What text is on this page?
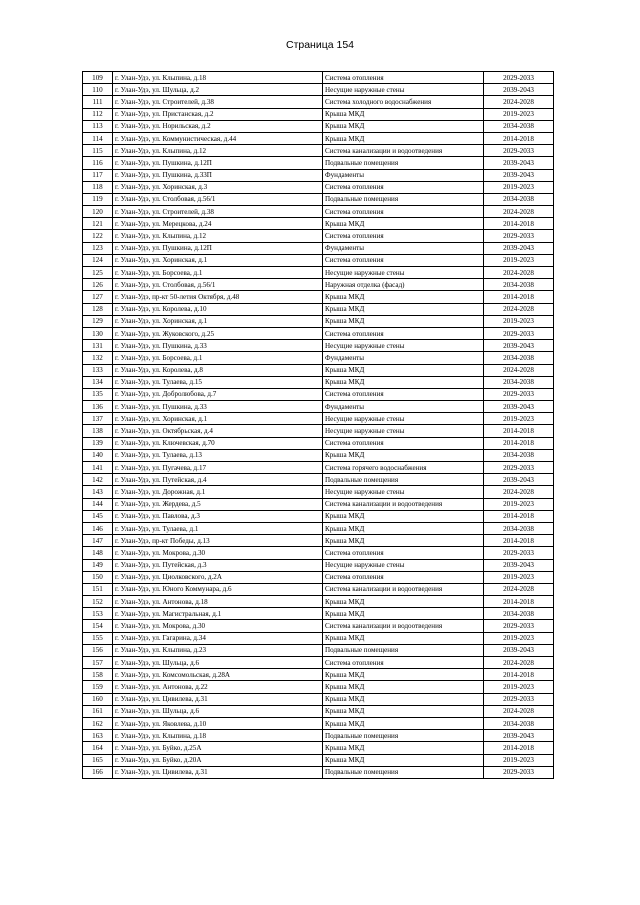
Страница 154
109	г. Улан-Удэ, ул. Клыпина, д.18	Система отопления	2029-2033
110	г. Улан-Удэ, ул. Шульца, д.2	Несущие наружные стены	2039-2043
111	г. Улан-Удэ, ул. Строителей, д.38	Система холодного водоснабжения	2024-2028
112	г. Улан-Удэ, ул. Пристанская, д.2	Крыша МКД	2019-2023
113	г. Улан-Удэ, ул. Норильская, д.2	Крыша МКД	2034-2038
114	г. Улан-Удэ, ул. Коммунистическая, д.44	Крыша МКД	2014-2018
115	г. Улан-Удэ, ул. Клыпина, д.12	Система канализации и водоотведения	2029-2033
116	г. Улан-Удэ, ул. Пушкина, д.12П	Подвальные помещения	2039-2043
117	г. Улан-Удэ, ул. Пушкина, д.33П	Фундаменты	2039-2043
118	г. Улан-Удэ, ул. Хоринская, д.3	Система отопления	2019-2023
119	г. Улан-Удэ, ул. Столбовая, д.56/1	Подвальные помещения	2034-2038
120	г. Улан-Удэ, ул. Строителей, д.38	Система отопления	2024-2028
121	г. Улан-Удэ, ул. Мерецкова, д.24	Крыша МКД	2014-2018
122	г. Улан-Удэ, ул. Клыпина, д.12	Система отопления	2029-2033
123	г. Улан-Удэ, ул. Пушкина, д.12П	Фундаменты	2039-2043
124	г. Улан-Удэ, ул. Хоринская, д.1	Система отопления	2019-2023
125	г. Улан-Удэ, ул. Борсоева, д.1	Несущие наружные стены	2024-2028
126	г. Улан-Удэ, ул. Столбовая, д.56/1	Наружная отделка (фасад)	2034-2038
127	г. Улан-Удэ, пр-кт 50-летия Октября, д.48	Крыша МКД	2014-2018
128	г. Улан-Удэ, ул. Королева, д.10	Крыша МКД	2024-2028
129	г. Улан-Удэ, ул. Хоринская, д.1	Крыша МКД	2019-2023
130	г. Улан-Удэ, ул. Жуковского, д.25	Система отопления	2029-2033
131	г. Улан-Удэ, ул. Пушкина, д.33	Несущие наружные стены	2039-2043
132	г. Улан-Удэ, ул. Борсоева, д.1	Фундаменты	2034-2038
133	г. Улан-Удэ, ул. Королева, д.8	Крыша МКД	2024-2028
134	г. Улан-Удэ, ул. Тулаева, д.15	Крыша МКД	2034-2038
135	г. Улан-Удэ, ул. Добролюбова, д.7	Система отопления	2029-2033
136	г. Улан-Удэ, ул. Пушкина, д.33	Фундаменты	2039-2043
137	г. Улан-Удэ, ул. Хоринская, д.1	Несущие наружные стены	2019-2023
138	г. Улан-Удэ, ул. Октябрьская, д.4	Несущие наружные стены	2014-2018
139	г. Улан-Удэ, ул. Ключевская, д.70	Система отопления	2014-2018
140	г. Улан-Удэ, ул. Тулаева, д.13	Крыша МКД	2034-2038
141	г. Улан-Удэ, ул. Пугачева, д.17	Система горячего водоснабжения	2029-2033
142	г. Улан-Удэ, ул. Путейская, д.4	Подвальные помещения	2039-2043
143	г. Улан-Удэ, ул. Дорожная, д.1	Несущие наружные стены	2024-2028
144	г. Улан-Удэ, ул. Жердева, д.5	Система канализации и водоотведения	2019-2023
145	г. Улан-Удэ, ул. Павлова, д.3	Крыша МКД	2014-2018
146	г. Улан-Удэ, ул. Тулаева, д.1	Крыша МКД	2034-2038
147	г. Улан-Удэ, пр-кт Победы, д.13	Крыша МКД	2014-2018
148	г. Улан-Удэ, ул. Мокрова, д.30	Система отопления	2029-2033
149	г. Улан-Удэ, ул. Путейская, д.3	Несущие наружные стены	2039-2043
150	г. Улан-Удэ, ул. Циолковского, д.2А	Система отопления	2019-2023
151	г. Улан-Удэ, ул. Юного Коммунара, д.6	Система канализации и водоотведения	2024-2028
152	г. Улан-Удэ, ул. Антонова, д.18	Крыша МКД	2014-2018
153	г. Улан-Удэ, ул. Магистральная, д.1	Крыша МКД	2034-2038
154	г. Улан-Удэ, ул. Мокрова, д.30	Система канализации и водоотведения	2029-2033
155	г. Улан-Удэ, ул. Гагарина, д.34	Крыша МКД	2019-2023
156	г. Улан-Удэ, ул. Клыпина, д.23	Подвальные помещения	2039-2043
157	г. Улан-Удэ, ул. Шульца, д.6	Система отопления	2024-2028
158	г. Улан-Удэ, ул. Комсомольская, д.28А	Крыша МКД	2014-2018
159	г. Улан-Удэ, ул. Антонова, д.22	Крыша МКД	2019-2023
160	г. Улан-Удэ, ул. Цивилева, д.31	Крыша МКД	2029-2033
161	г. Улан-Удэ, ул. Шульца, д.6	Крыша МКД	2024-2028
162	г. Улан-Удэ, ул. Яковлева, д.10	Крыша МКД	2034-2038
163	г. Улан-Удэ, ул. Клыпина, д.18	Подвальные помещения	2039-2043
164	г. Улан-Удэ, ул. Буйко, д.25А	Крыша МКД	2014-2018
165	г. Улан-Удэ, ул. Буйко, д.20А	Крыша МКД	2019-2023
166	г. Улан-Удэ, ул. Цивилева, д.31	Подвальные помещения	2029-2033
